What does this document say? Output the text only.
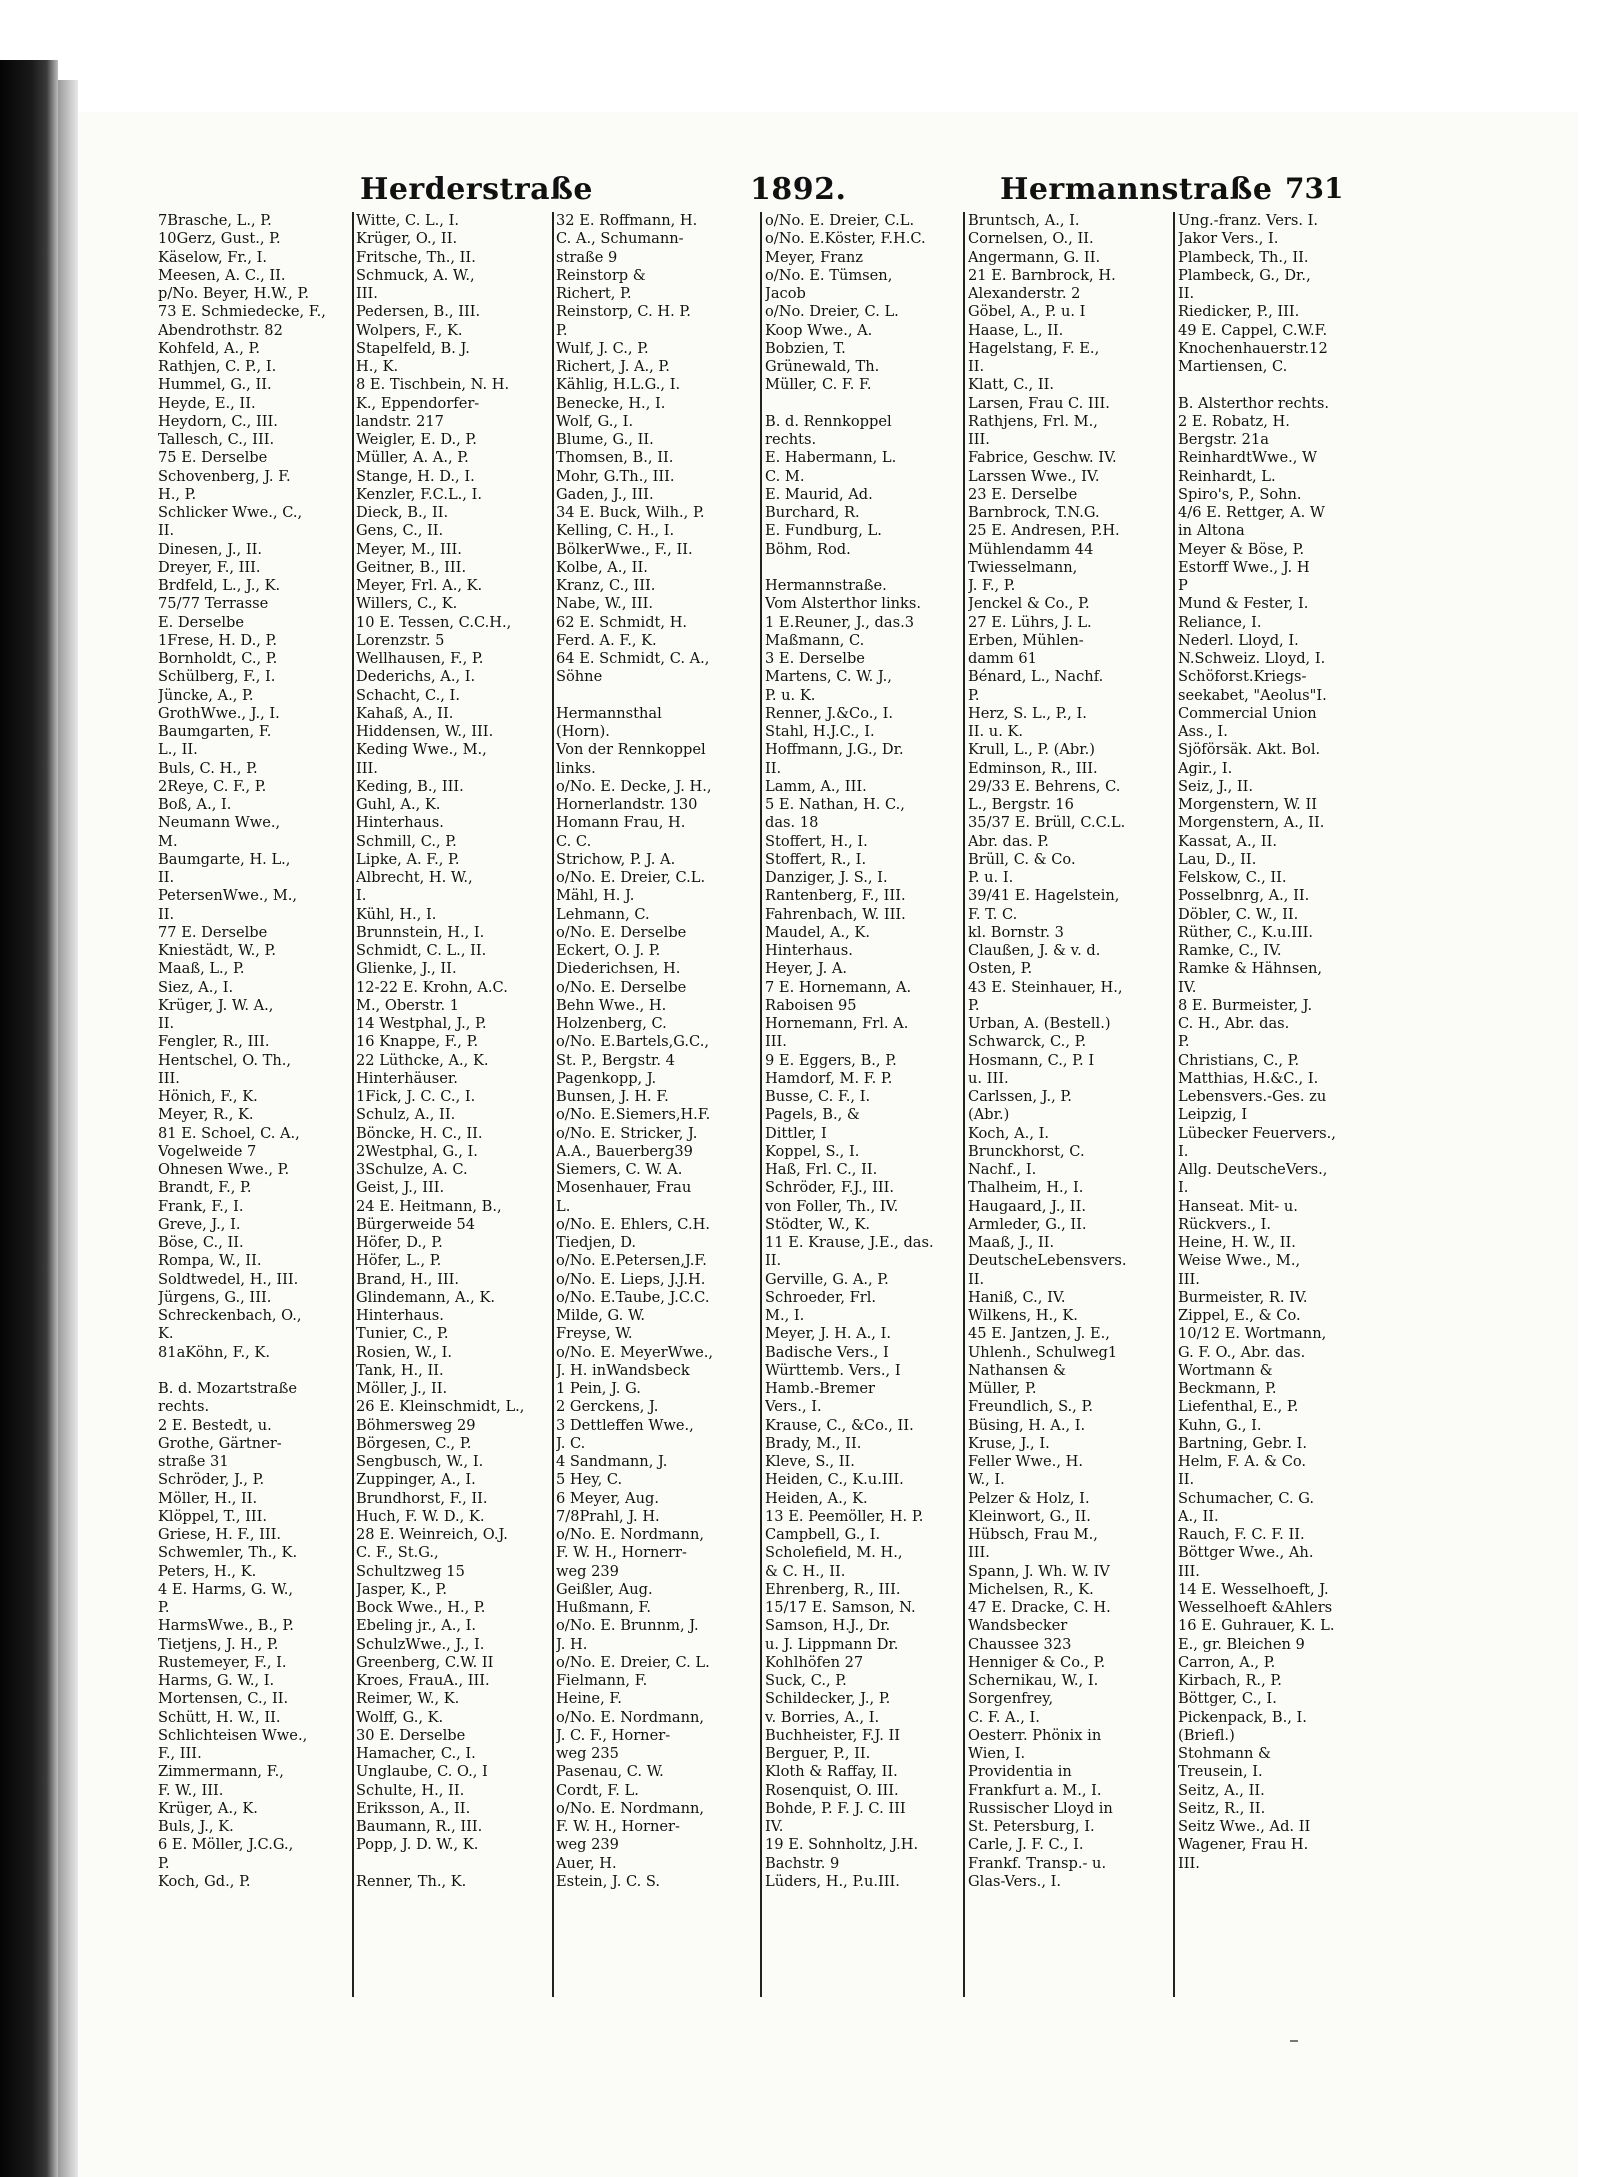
Herderstraße	1892.	Hermannstraße 731
7Brasche, L., P.
10Gerz, Gust., P.
Käselow, Fr., I.
Meesen, A. C., II.
p/No. Beyer, H.W., P.
73 E. Schmiedecke, F.,
Abendrothstr. 82
Kohfeld, A., P.
Rathjen, C. P., I.
Hummel, G., II.
Heyde, E., II.
Heydorn, C., III.
Tallesch, C., III.
75 E. Derselbe
Schovenberg, J. F.
H., P.
Schlicker Wwe., C.,
II.
Dinesen, J., II.
Dreyer, F., III.
Brdfeld, L., J., K.
75/77 Terrasse
E. Derselbe
1Frese, H. D., P.
Bornholdt, C., P.
Schülberg, F., I.
Jüncke, A., P.
GrothWwe., J., I.
Baumgarten, F.
L., II.
Buls, C. H., P.
2Reye, C. F., P.
Boß, A., I.
Neumann Wwe.,
M.
Baumgarte, H. L.,
II.
PetersenWwe., M.,
II.
77 E. Derselbe
Kniestädt, W., P.
Maaß, L., P.
Siez, A., I.
Krüger, J. W. A.,
II.
Fengler, R., III.
Hentschel, O. Th.,
III.
Hönich, F., K.
Meyer, R., K.
81 E. Schoel, C. A.,
Vogelweide 7
Ohnesen Wwe., P.
Brandt, F., P.
Frank, F., I.
Greve, J., I.
Böse, C., II.
Rompa, W., II.
Soldtwedel, H., III.
Jürgens, G., III.
Schreckenbach, O.,
K.
81aKöhn, F., K.
B. d. Mozartstraße
rechts.
2 E. Bestedt, u.
Grothe, Gärtner-
straße 31
Schröder, J., P.
Möller, H., II.
Klöppel, T., III.
Griese, H. F., III.
Schwemler, Th., K.
Peters, H., K.
4 E. Harms, G. W.,
P.
HarmsWwe., B., P.
Tietjens, J. H., P.
Rustemeyer, F., I.
Harms, G. W., I.
Mortensen, C., II.
Schütt, H. W., II.
Schlichteisen Wwe.,
F., III.
Zimmermann, F.,
F. W., III.
Krüger, A., K.
Buls, J., K.
6 E. Möller, J.C.G.,
P.
Koch, Gd., P.
Witte, C. L., I.
Krüger, O., II.
Fritsche, Th., II.
Schmuck, A. W.,
III.
Pedersen, B., III.
Wolpers, F., K.
Stapelfeld, B. J.
H., K.
8 E. Tischbein, N. H.
K., Eppendorfer-
landstr. 217
Weigler, E. D., P.
Müller, A. A., P.
Stange, H. D., I.
Kenzler, F.C.L., I.
Dieck, B., II.
Gens, C., II.
Meyer, M., III.
Geitner, B., III.
Meyer, Frl. A., K.
Willers, C., K.
10 E. Tessen, C.C.H.,
Lorenzstr. 5
Wellhausen, F., P.
Dederichs, A., I.
Schacht, C., I.
Kahaß, A., II.
Hiddensen, W., III.
Keding Wwe., M.,
III.
Keding, B., III.
Guhl, A., K.
Hinterhaus.
Schmill, C., P.
Lipke, A. F., P.
Albrecht, H. W.,
I.
Kühl, H., I.
Brunnstein, H., I.
Schmidt, C. L., II.
Glienke, J., II.
12-22 E. Krohn, A.C.
M., Oberstr. 1
14 Westphal, J., P.
16 Knappe, F., P.
22 Lüthcke, A., K.
Hinterhäuser.
1Fick, J. C. C., I.
Schulz, A., II.
Böncke, H. C., II.
2Westphal, G., I.
3Schulze, A. C.
Geist, J., III.
24 E. Heitmann, B.,
Bürgerweide 54
Höfer, D., P.
Höfer, L., P.
Brand, H., III.
Glindemann, A., K.
Hinterhaus.
Tunier, C., P.
Rosien, W., I.
Tank, H., II.
Möller, J., II.
26 E. Kleinschmidt, L.,
Böhmersweg 29
Börgesen, C., P.
Sengbusch, W., I.
Zuppinger, A., I.
Brundhorst, F., II.
Huch, F. W. D., K.
28 E. Weinreich, O.J.
C. F., St.G.,
Schultzweg 15
Jasper, K., P.
Bock Wwe., H., P.
Ebeling jr., A., I.
SchulzWwe., J., I.
Greenberg, C.W. II
Kroes, FrauA., III.
Reimer, W., K.
Wolff, G., K.
30 E. Derselbe
Hamacher, C., I.
Unglaube, C. O., I
Schulte, H., II.
Eriksson, A., II.
Baumann, R., III.
Popp, J. D. W., K.
Renner, Th., K.
32 E. Roffmann, H.
C. A., Schumann-
straße 9
Reinstorp &
Richert, P.
Reinstorp, C. H. P.
P.
Wulf, J. C., P.
Richert, J. A., P.
Kählig, H.L.G., I.
Benecke, H., I.
Wolf, G., I.
Blume, G., II.
Thomsen, B., II.
Mohr, G.Th., III.
Gaden, J., III.
34 E. Buck, Wilh., P.
Kelling, C. H., I.
BölkerWwe., F., II.
Kolbe, A., II.
Kranz, C., III.
Nabe, W., III.
62 E. Schmidt, H.
Ferd. A. F., K.
64 E. Schmidt, C. A.,
Söhne
Hermannsthal
(Horn).
Von der Rennkoppel
links.
o/No. E. Decke, J. H.,
Hornerlandstr. 130
Homann Frau, H.
C. C.
Strichow, P. J. A.
o/No. E. Dreier, C.L.
Mähl, H. J.
Lehmann, C.
o/No. E. Derselbe
Eckert, O. J. P.
Diederichsen, H.
o/No. E. Derselbe
Behn Wwe., H.
Holzenberg, C.
o/No. E.Bartels,G.C.,
St. P., Bergstr. 4
Pagenkopp, J.
Bunsen, J. H. F.
o/No. E.Siemers,H.F.
o/No. E. Stricker, J.
A.A., Bauerberg39
Siemers, C. W. A.
Mosenhauer, Frau
L.
o/No. E. Ehlers, C.H.
Tiedjen, D.
o/No. E.Petersen,J.F.
o/No. E. Lieps, J.J.H.
o/No. E.Taube, J.C.C.
Milde, G. W.
Freyse, W.
o/No. E. MeyerWwe.,
J. H. inWandsbeck
1 Pein, J. G.
2 Gerckens, J.
3 Dettleffen Wwe.,
J. C.
4 Sandmann, J.
5 Hey, C.
6 Meyer, Aug.
7/8Prahl, J. H.
o/No. E. Nordmann,
F. W. H., Hornerr-
weg 239
Geißler, Aug.
Hußmann, F.
o/No. E. Brunnm, J.
J. H.
o/No. E. Dreier, C. L.
Fielmann, F.
Heine, F.
o/No. E. Nordmann,
J. C. F., Horner-
weg 235
Pasenau, C. W.
Cordt, F. L.
o/No. E. Nordmann,
F. W. H., Horner-
weg 239
Auer, H.
Estein, J. C. S.
o/No. E. Dreier, C.L.
o/No. E.Köster, F.H.C.
Meyer, Franz
o/No. E. Tümsen,
Jacob
o/No. Dreier, C. L.
Koop Wwe., A.
Bobzien, T.
Grünewald, Th.
Müller, C. F. F.
B. d. Rennkoppel
rechts.
E. Habermann, L.
C. M.
E. Maurid, Ad.
Burchard, R.
E. Fundburg, L.
Böhm, Rod.
Hermannstraße.
Vom Alsterthor links.
1 E.Reuner, J., das.3
Maßmann, C.
3 E. Derselbe
Martens, C. W. J.,
P. u. K.
Renner, J.&Co., I.
Stahl, H.J.C., I.
Hoffmann, J.G., Dr.
II.
Lamm, A., III.
5 E. Nathan, H. C.,
das. 18
Stoffert, H., I.
Stoffert, R., I.
Danziger, J. S., I.
Rantenberg, F., III.
Fahrenbach, W. III.
Maudel, A., K.
Hinterhaus.
Heyer, J. A.
7 E. Hornemann, A.
Raboisen 95
Hornemann, Frl. A.
III.
9 E. Eggers, B., P.
Hamdorf, M. F. P.
Busse, C. F., I.
Pagels, B., &
Dittler, I
Koppel, S., I.
Haß, Frl. C., II.
Schröder, F.J., III.
von Foller, Th., IV.
Stödter, W., K.
11 E. Krause, J.E., das.
II.
Gerville, G. A., P.
Schroeder, Frl.
M., I.
Meyer, J. H. A., I.
Badische Vers., I
Württemb. Vers., I
Hamb.-Bremer
Vers., I.
Krause, C., &Co., II.
Brady, M., II.
Kleve, S., II.
Heiden, C., K.u.III.
Heiden, A., K.
13 E. Peemöller, H. P.
Campbell, G., I.
Scholefield, M. H.,
& C. H., II.
Ehrenberg, R., III.
15/17 E. Samson, N.
Samson, H.J., Dr.
u. J. Lippmann Dr.
Kohlhöfen 27
Suck, C., P.
Schildecker, J., P.
v. Borries, A., I.
Buchheister, F.J. II
Berguer, P., II.
Kloth & Raffay, II.
Rosenquist, O. III.
Bohde, P. F. J. C. III
IV.
19 E. Sohnholtz, J.H.
Bachstr. 9
Lüders, H., P.u.III.
Bruntsch, A., I.
Cornelsen, O., II.
Angermann, G. II.
21 E. Barnbrock, H.
Alexanderstr. 2
Göbel, A., P. u. I
Haase, L., II.
Hagelstang, F. E.,
II.
Klatt, C., II.
Larsen, Frau C. III.
Rathjens, Frl. M.,
III.
Fabrice, Geschw. IV.
Larssen Wwe., IV.
23 E. Derselbe
Barnbrock, T.N.G.
25 E. Andresen, P.H.
Mühlendamm 44
Twiesselmann,
J. F., P.
Jenckel & Co., P.
27 E. Lührs, J. L.
Erben, Mühlen-
damm 61
Bénard, L., Nachf.
P.
Herz, S. L., P., I.
II. u. K.
Krull, L., P. (Abr.)
Edminson, R., III.
29/33 E. Behrens, C.
L., Bergstr. 16
35/37 E. Brüll, C.C.L.
Abr. das. P.
Brüll, C. & Co.
P. u. I.
39/41 E. Hagelstein,
F. T. C.
kl. Bornstr. 3
Claußen, J. & v. d.
Osten, P.
43 E. Steinhauer, H.,
P.
Urban, A. (Bestell.)
Schwarck, C., P.
Hosmann, C., P. I
u. III.
Carlssen, J., P.
(Abr.)
Koch, A., I.
Brunckhorst, C.
Nachf., I.
Thalheim, H., I.
Haugaard, J., II.
Armleder, G., II.
Maaß, J., II.
DeutscheLebensvers.
II.
Haniß, C., IV.
Wilkens, H., K.
45 E. Jantzen, J. E.,
Uhlenh., Schulweg1
Nathansen &
Müller, P.
Freundlich, S., P.
Büsing, H. A., I.
Kruse, J., I.
Feller Wwe., H.
W., I.
Pelzer & Holz, I.
Kleinwort, G., II.
Hübsch, Frau M.,
III.
Spann, J. Wh. W. IV
Michelsen, R., K.
47 E. Dracke, C. H.
Wandsbecker
Chaussee 323
Henniger & Co., P.
Schernikau, W., I.
Sorgenfrey,
C. F. A., I.
Oesterr. Phönix in
Wien, I.
Providentia in
Frankfurt a. M., I.
Russischer Lloyd in
St. Petersburg, I.
Carle, J. F. C., I.
Frankf. Transp.- u.
Glas-Vers., I.
Ung.-franz. Vers. I.
Jakor Vers., I.
Plambeck, Th., II.
Plambeck, G., Dr.,
II.
Riedicker, P., III.
49 E. Cappel, C.W.F.
Knochenhauerstr.12
Martiensen, C.
B. Alsterthor rechts.
2 E. Robatz, H.
Bergstr. 21a
ReinhardtWwe., W
Reinhardt, L.
Spiro's, P., Sohn.
4/6 E. Rettger, A. W
in Altona
Meyer & Böse, P.
Estorff Wwe., J. H
P
Mund & Fester, I.
Reliance, I.
Nederl. Lloyd, I.
N.Schweiz. Lloyd, I.
Schöforst.Kriegs-
seekabet, "Aeolus"I.
Commercial Union
Ass., I.
Sjöförsäk. Akt. Bol.
Agir., I.
Seiz, J., II.
Morgenstern, W. II
Morgenstern, A., II.
Kassat, A., II.
Lau, D., II.
Felskow, C., II.
Posselbnrg, A., II.
Döbler, C. W., II.
Rüther, C., K.u.III.
Ramke, C., IV.
Ramke & Hähnsen,
IV.
8 E. Burmeister, J.
C. H., Abr. das.
P.
Christians, C., P.
Matthias, H.&C., I.
Lebensvers.-Ges. zu
Leipzig, I
Lübecker Feuervers.,
I.
Allg. DeutscheVers.,
I.
Hanseat. Mit- u.
Rückvers., I.
Heine, H. W., II.
Weise Wwe., M.,
III.
Burmeister, R. IV.
Zippel, E., & Co.
10/12 E. Wortmann,
G. F. O., Abr. das.
Wortmann &
Beckmann, P.
Liefenthal, E., P.
Kuhn, G., I.
Bartning, Gebr. I.
Helm, F. A. & Co.
II.
Schumacher, C. G.
A., II.
Rauch, F. C. F. II.
Böttger Wwe., Ah.
III.
14 E. Wesselhoeft, J.
Wesselhoeft &Ahlers
16 E. Guhrauer, K. L.
E., gr. Bleichen 9
Carron, A., P.
Kirbach, R., P.
Böttger, C., I.
Pickenpack, B., I.
(Briefl.)
Stohmann &
Treusein, I.
Seitz, A., II.
Seitz, R., II.
Seitz Wwe., Ad. II
Wagener, Frau H.
III.
